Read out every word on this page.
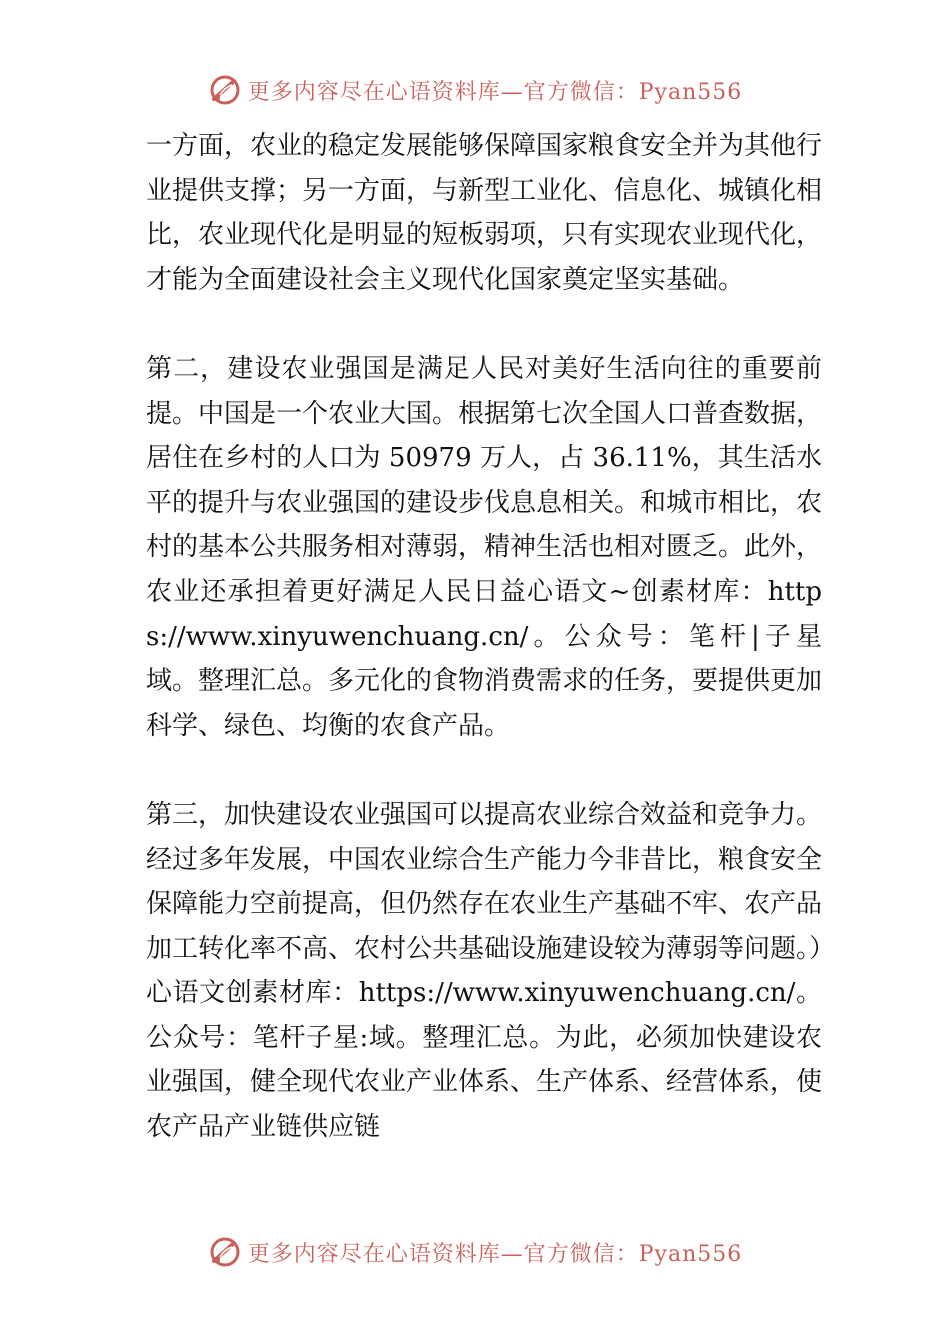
更多内容尽在心语资料库—官方微信：Pyan556

一方面，农业的稳定发展能够保障国家粮食安全并为其他行业提供支撑；另一方面，与新型工业化、信息化、城镇化相比，农业现代化是明显的短板弱项，只有实现农业现代化，才能为全面建设社会主义现代化国家奠定坚实基础。

第二，建设农业强国是满足人民对美好生活向往的重要前提。中国是一个农业大国。根据第七次全国人口普查数据，居住在乡村的人口为 50979 万人，占 36.11%，其生活水平的提升与农业强国的建设步伐息息相关。和城市相比，农村的基本公共服务相对薄弱，精神生活也相对匮乏。此外，农业还承担着更好满足人民日益心语文~创素材库：https://www.xinyuwenchuang.cn/。公众号：笔杆|子星域。整理汇总。多元化的食物消费需求的任务，要提供更加科学、绿色、均衡的农食产品。

第三，加快建设农业强国可以提高农业综合效益和竞争力。经过多年发展，中国农业综合生产能力今非昔比，粮食安全保障能力空前提高，但仍然存在农业生产基础不牢、农产品加工转化率不高、农村公共基础设施建设较为薄弱等问题。）心语文创素材库：https://www.xinyuwenchuang.cn/。公众号：笔杆子星:域。整理汇总。为此，必须加快建设农业强国，健全现代农业产业体系、生产体系、经营体系，使农产品产业链供应链

更多内容尽在心语资料库—官方微信：Pyan556
